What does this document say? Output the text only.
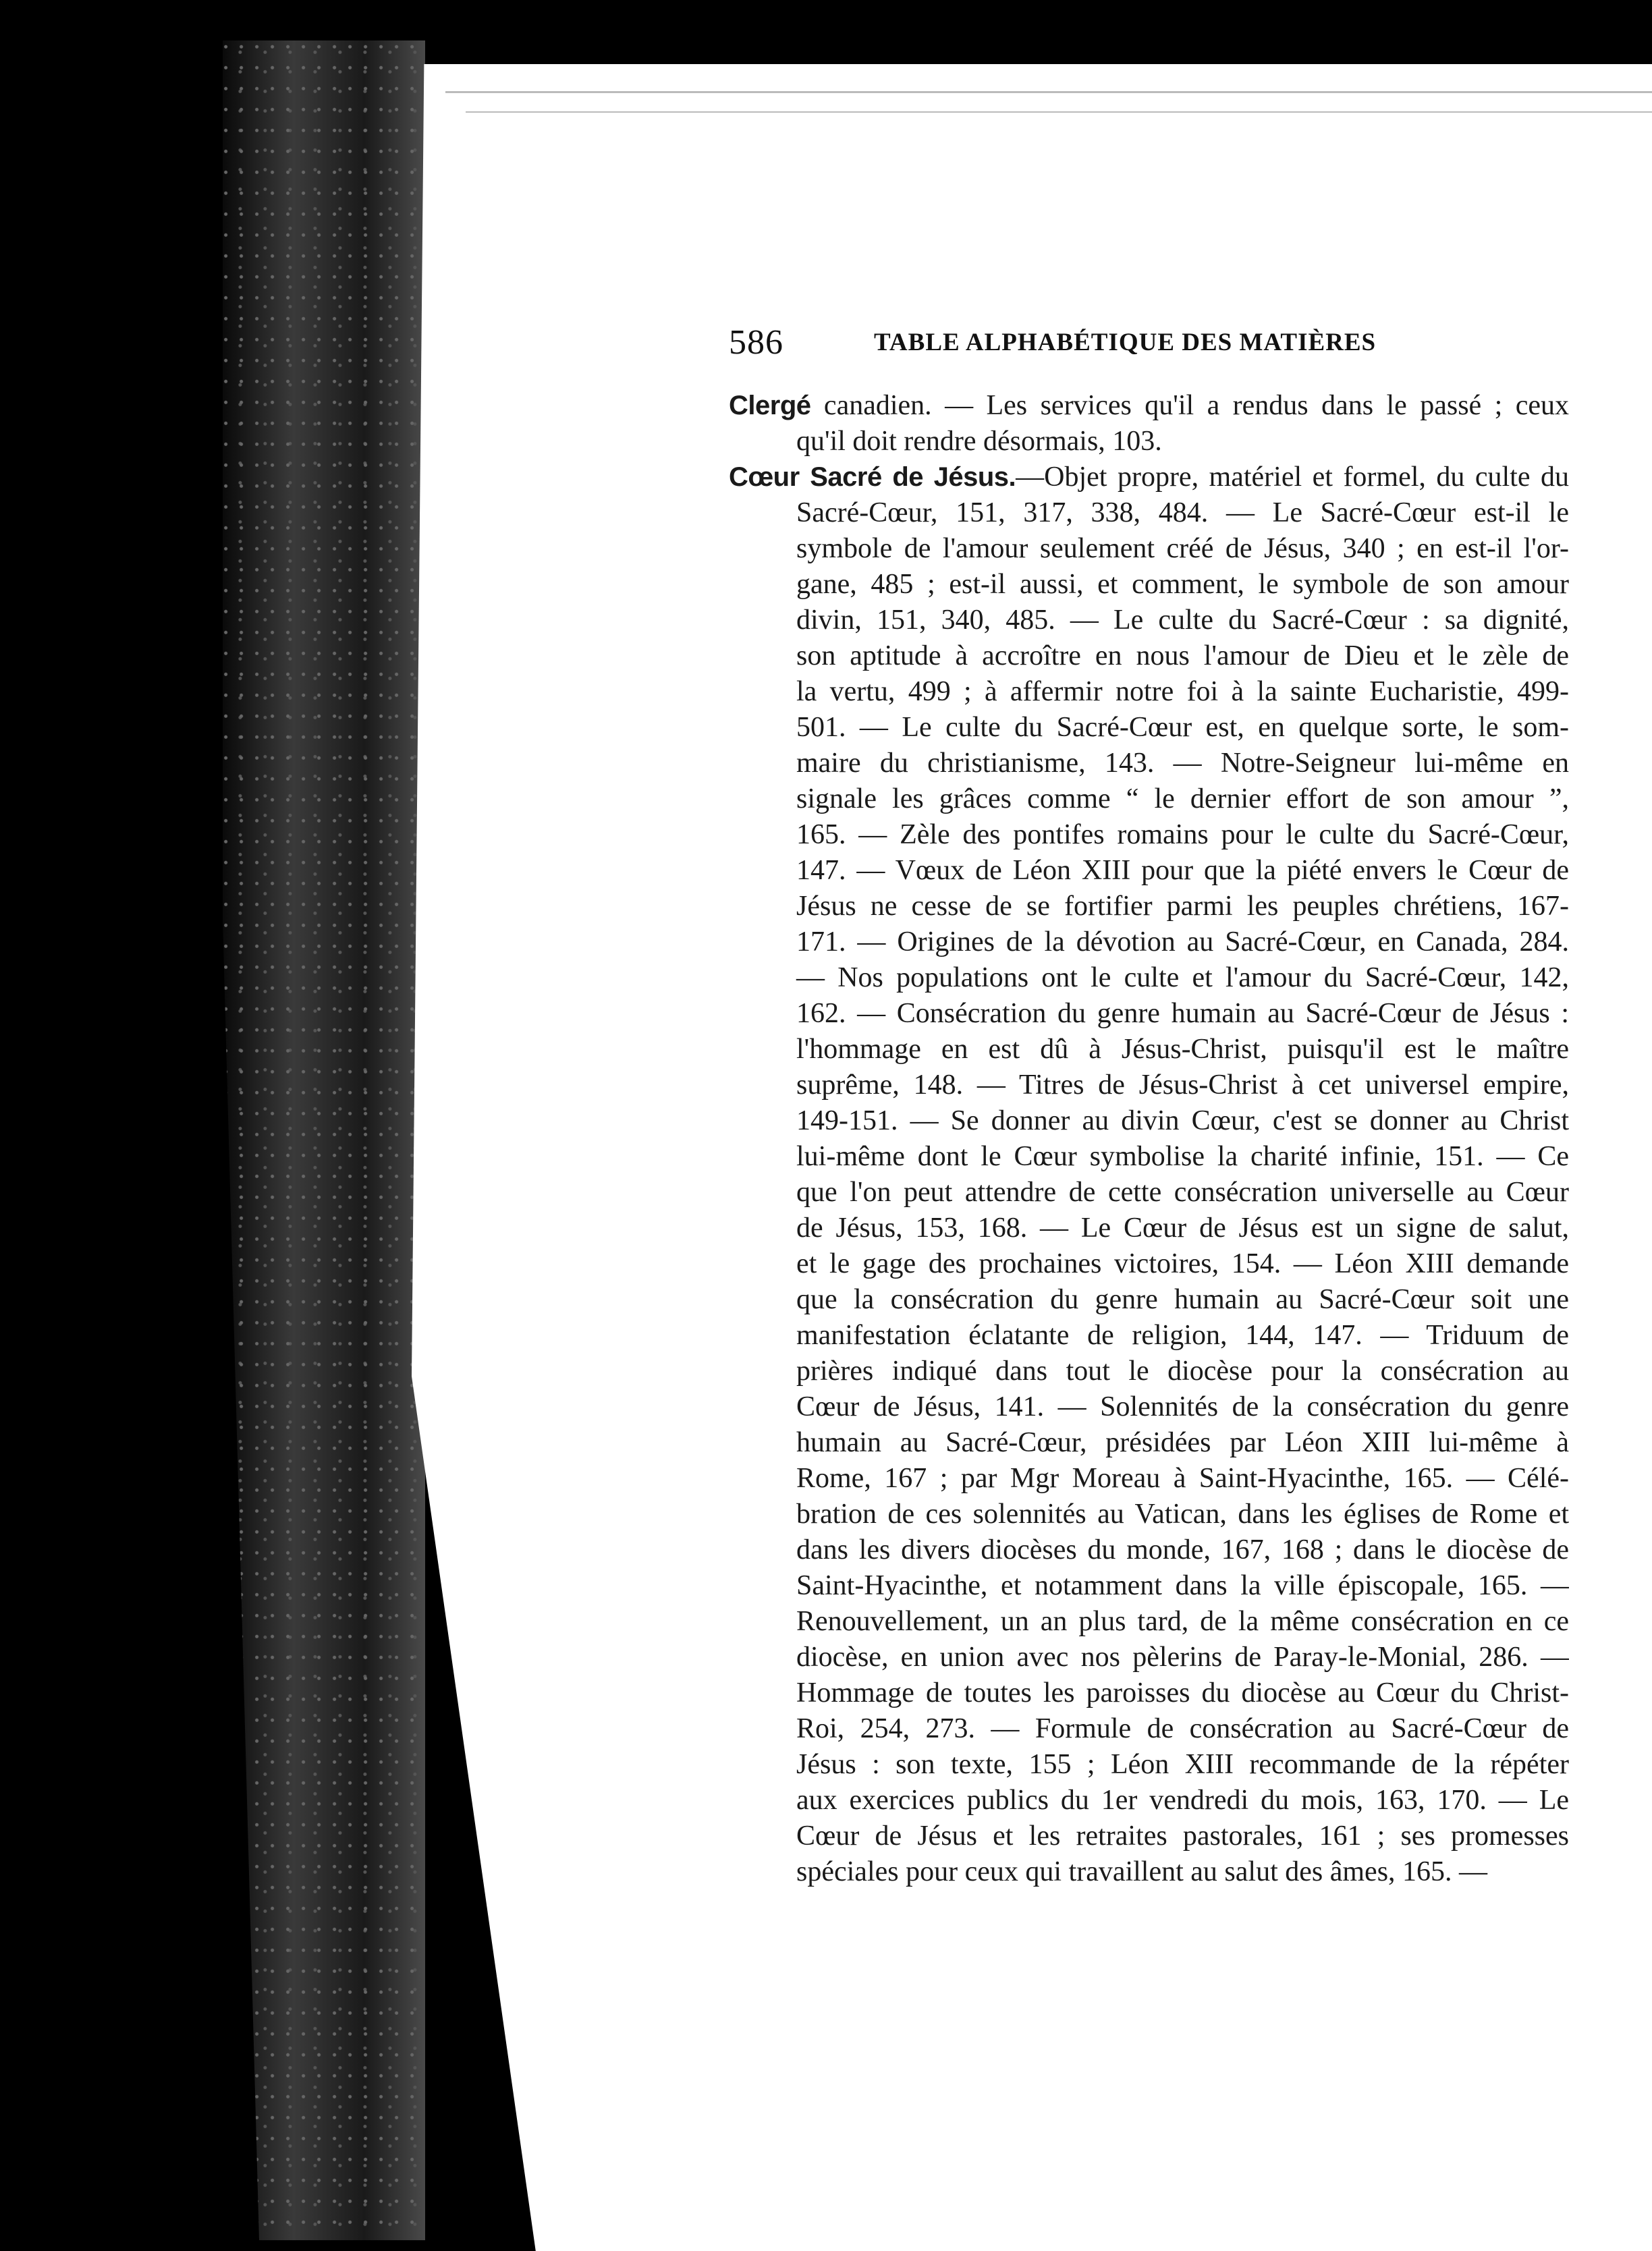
586	TABLE ALPHABÉTIQUE DES MATIÈRES
Clergé canadien. — Les services qu'il a rendus dans le passé ; ceux
qu'il doit rendre désormais, 103.
Cœur Sacré de Jésus.—Objet propre, matériel et formel, du culte du
Sacré-Cœur, 151, 317, 338, 484. — Le Sacré-Cœur est-il le
symbole de l'amour seulement créé de Jésus, 340 ; en est-il l'or-
gane, 485 ; est-il aussi, et comment, le symbole de son amour
divin, 151, 340, 485. — Le culte du Sacré-Cœur : sa dignité,
son aptitude à accroître en nous l'amour de Dieu et le zèle de
la vertu, 499 ; à affermir notre foi à la sainte Eucharistie, 499-
501. — Le culte du Sacré-Cœur est, en quelque sorte, le som-
maire du christianisme, 143. — Notre-Seigneur lui-même en
signale les grâces comme “ le dernier effort de son amour ”,
165. — Zèle des pontifes romains pour le culte du Sacré-Cœur,
147. — Vœux de Léon XIII pour que la piété envers le Cœur de
Jésus ne cesse de se fortifier parmi les peuples chrétiens, 167-
171. — Origines de la dévotion au Sacré-Cœur, en Canada, 284.
— Nos populations ont le culte et l'amour du Sacré-Cœur, 142,
162. — Consécration du genre humain au Sacré-Cœur de Jésus :
l'hommage en est dû à Jésus-Christ, puisqu'il est le maître
suprême, 148. — Titres de Jésus-Christ à cet universel empire,
149-151. — Se donner au divin Cœur, c'est se donner au Christ
lui-même dont le Cœur symbolise la charité infinie, 151. — Ce
que l'on peut attendre de cette consécration universelle au Cœur
de Jésus, 153, 168. — Le Cœur de Jésus est un signe de salut,
et le gage des prochaines victoires, 154. — Léon XIII demande
que la consécration du genre humain au Sacré-Cœur soit une
manifestation éclatante de religion, 144, 147. — Triduum de
prières indiqué dans tout le diocèse pour la consécration au
Cœur de Jésus, 141. — Solennités de la consécration du genre
humain au Sacré-Cœur, présidées par Léon XIII lui-même à
Rome, 167 ; par Mgr Moreau à Saint-Hyacinthe, 165. — Célé-
bration de ces solennités au Vatican, dans les églises de Rome et
dans les divers diocèses du monde, 167, 168 ; dans le diocèse de
Saint-Hyacinthe, et notamment dans la ville épiscopale, 165. —
Renouvellement, un an plus tard, de la même consécration en ce
diocèse, en union avec nos pèlerins de Paray-le-Monial, 286. —
Hommage de toutes les paroisses du diocèse au Cœur du Christ-
Roi, 254, 273. — Formule de consécration au Sacré-Cœur de
Jésus : son texte, 155 ; Léon XIII recommande de la répéter
aux exercices publics du 1er vendredi du mois, 163, 170. — Le
Cœur de Jésus et les retraites pastorales, 161 ; ses promesses
spéciales pour ceux qui travaillent au salut des âmes, 165. —
